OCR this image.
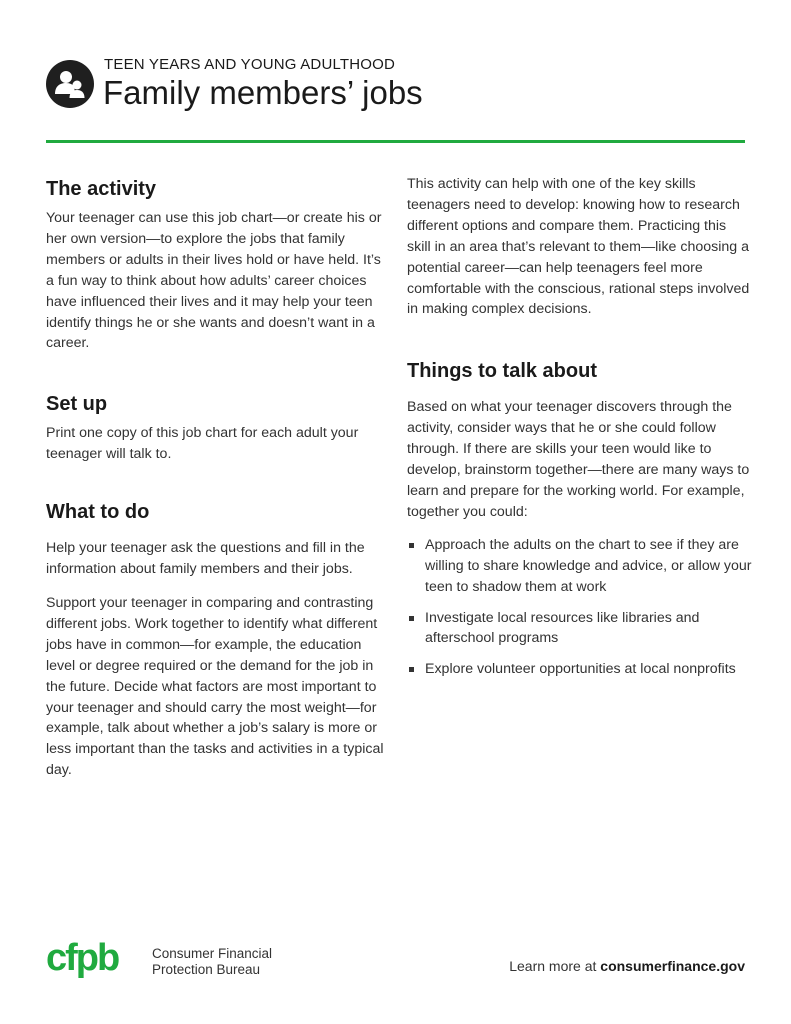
TEEN YEARS AND YOUNG ADULTHOOD
Family members’ jobs
The activity

Your teenager can use this job chart—or create his or her own version—to explore the jobs that family members or adults in their lives hold or have held. It’s a fun way to think about how adults’ career choices have influenced their lives and it may help your teen identify things he or she wants and doesn’t want in a career.

Set up

Print one copy of this job chart for each adult your teenager will talk to.

What to do

Help your teenager ask the questions and fill in the information about family members and their jobs.

Support your teenager in comparing and contrasting different jobs. Work together to identify what different jobs have in common—for example, the education level or degree required or the demand for the job in the future. Decide what factors are most important to your teenager and should carry the most weight—for example, talk about whether a job’s salary is more or less important than the tasks and activities in a typical day.

This activity can help with one of the key skills teenagers need to develop: knowing how to research different options and compare them. Practicing this skill in an area that’s relevant to them—like choosing a potential career—can help teenagers feel more comfortable with the conscious, rational steps involved in making complex decisions.

Things to talk about

Based on what your teenager discovers through the activity, consider ways that he or she could follow through. If there are skills your teen would like to develop, brainstorm together—there are many ways to learn and prepare for the working world. For example, together you could:

Approach the adults on the chart to see if they are willing to share knowledge and advice, or allow your teen to shadow them at work
Investigate local resources like libraries and afterschool programs
Explore volunteer opportunities at local nonprofits
cfpb	Consumer Financial
Protection Bureau	Learn more at consumerfinance.gov
